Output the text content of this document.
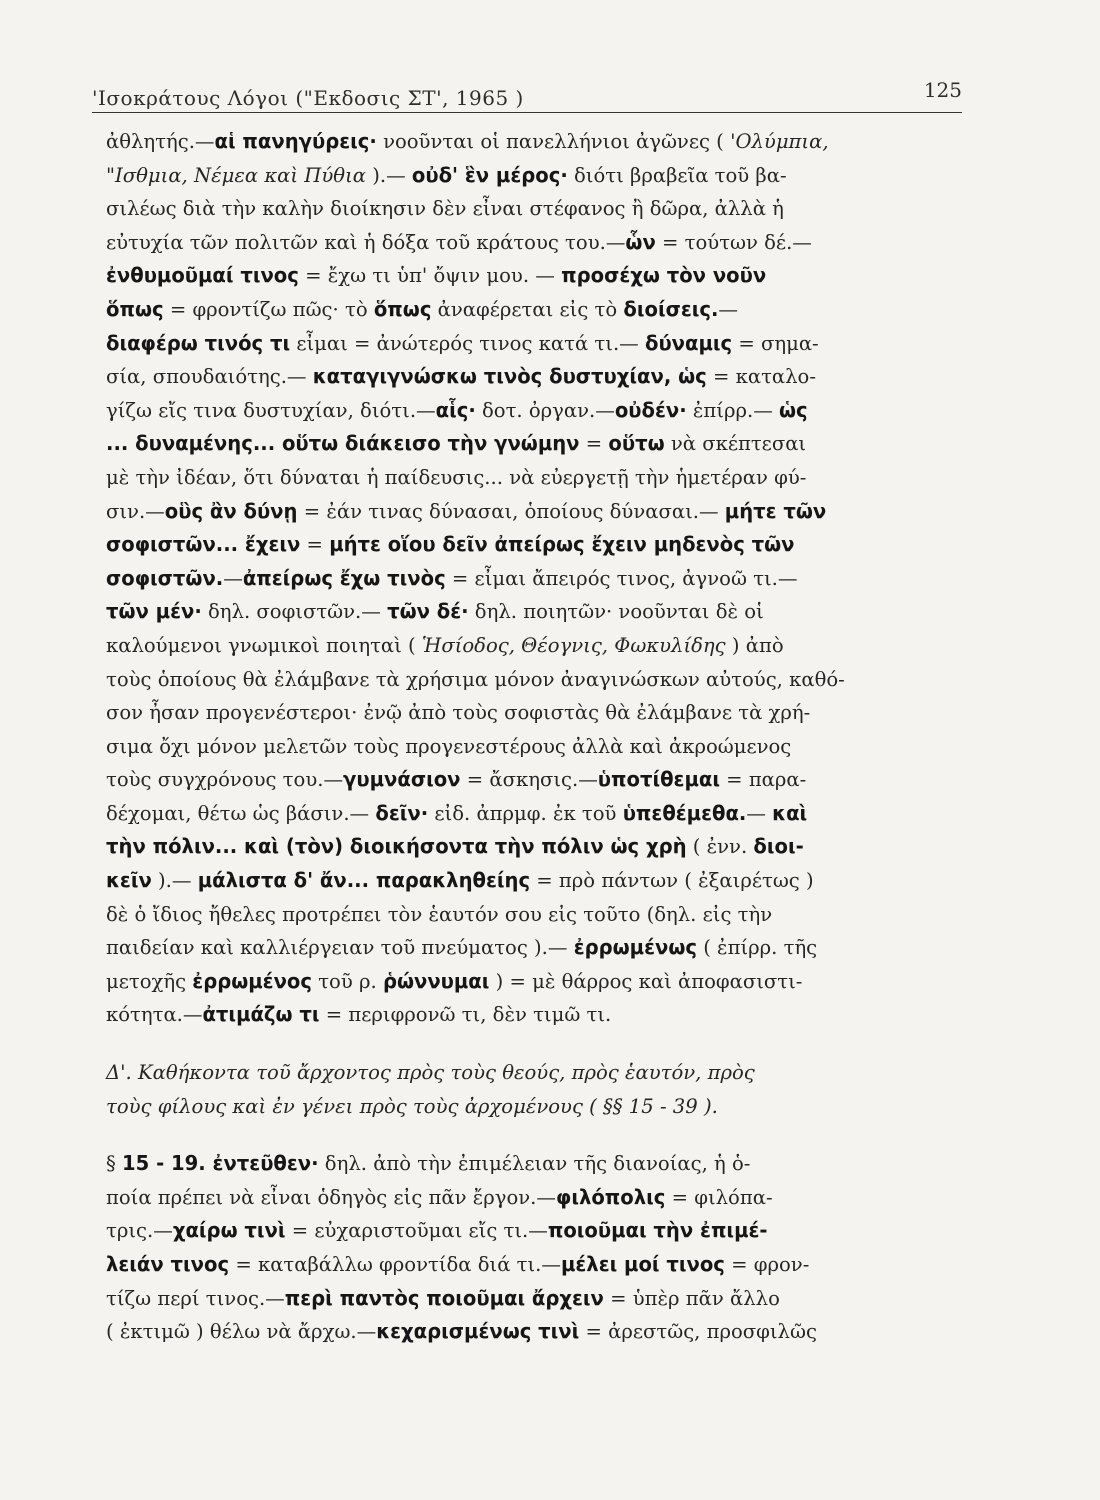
'Ισοκράτους Λόγοι ("Εκδοσις ΣΤ', 1965 )	125
ἀθλητής.—αἱ πανηγύρεις· νοοῦνται οἱ πανελλήνιοι ἀγῶνες ( 'Ολύμπια,
"Ισθμια, Νέμεα καὶ Πύθια ).— οὐδ' ἓν μέρος· διότι βραβεῖα τοῦ βα-
σιλέως διὰ τὴν καλὴν διοίκησιν δὲν εἶναι στέφανος ἢ δῶρα, ἀλλὰ ἡ
εὐτυχία τῶν πολιτῶν καὶ ἡ δόξα τοῦ κράτους του.—ὧν = τούτων δέ.—
ἐνθυμοῦμαί τινος = ἔχω τι ὑπ' ὄψιν μου. — προσέχω τὸν νοῦν
ὅπως = φροντίζω πῶς· τὸ ὅπως ἀναφέρεται εἰς τὸ διοίσεις.—
διαφέρω τινός τι εἶμαι = ἀνώτερός τινος κατά τι.— δύναμις = σημα-
σία, σπουδαιότης.— καταγιγνώσκω τινὸς δυστυχίαν, ὡς = καταλο-
γίζω εἴς τινα δυστυχίαν, διότι.—αἷς· δοτ. ὀργαν.—οὐδέν· ἐπίρρ.— ὡς
... δυναμένης... οὕτω διάκεισο τὴν γνώμην = οὕτω νὰ σκέπτεσαι
μὲ τὴν ἰδέαν, ὅτι δύναται ἡ παίδευσις... νὰ εὐεργετῇ τὴν ἡμετέραν φύ-
σιν.—οὓς ἂν δύνῃ = ἐάν τινας δύνασαι, ὁποίους δύνασαι.— μήτε τῶν
σοφιστῶν... ἔχειν = μήτε οἵου δεῖν ἀπείρως ἔχειν μηδενὸς τῶν
σοφιστῶν.—ἀπείρως ἔχω τινὸς = εἶμαι ἄπειρός τινος, ἀγνοῶ τι.—
τῶν μέν· δηλ. σοφιστῶν.— τῶν δέ· δηλ. ποιητῶν· νοοῦνται δὲ οἱ
καλούμενοι γνωμικοὶ ποιηταὶ ( Ἡσίοδος, Θέογνις, Φωκυλίδης ) ἀπὸ
τοὺς ὁποίους θὰ ἐλάμβανε τὰ χρήσιμα μόνον ἀναγινώσκων αὐτούς, καθό-
σον ἦσαν προγενέστεροι· ἐνῷ ἀπὸ τοὺς σοφιστὰς θὰ ἐλάμβανε τὰ χρή-
σιμα ὄχι μόνον μελετῶν τοὺς προγενεστέρους ἀλλὰ καὶ ἀκροώμενος
τοὺς συγχρόνους του.—γυμνάσιον = ἄσκησις.—ὑποτίθεμαι = παρα-
δέχομαι, θέτω ὡς βάσιν.— δεῖν· εἰδ. ἀπρμφ. ἐκ τοῦ ὑπεθέμεθα.— καὶ
τὴν πόλιν... καὶ (τὸν) διοικήσοντα τὴν πόλιν ὡς χρὴ ( ἐνν. διοι-
κεῖν ).— μάλιστα δ' ἄν... παρακληθείης = πρὸ πάντων ( ἐξαιρέτως )
δὲ ὁ ἴδιος ἤθελες προτρέπει τὸν ἑαυτόν σου εἰς τοῦτο (δηλ. εἰς τὴν
παιδείαν καὶ καλλιέργειαν τοῦ πνεύματος ).— ἐρρωμένως ( ἐπίρρ. τῆς
μετοχῆς ἐρρωμένος τοῦ ρ. ῥώννυμαι ) = μὲ θάρρος καὶ ἀποφασιστι-
κότητα.—ἀτιμάζω τι = περιφρονῶ τι, δὲν τιμῶ τι.
Δ'. Καθήκοντα τοῦ ἄρχοντος πρὸς τοὺς θεούς, πρὸς ἑαυτόν, πρὸς
τοὺς φίλους καὶ ἐν γένει πρὸς τοὺς ἀρχομένους ( §§ 15 - 39 ).
§ 15 - 19. ἐντεῦθεν· δηλ. ἀπὸ τὴν ἐπιμέλειαν τῆς διανοίας, ἡ ὁ-
ποία πρέπει νὰ εἶναι ὁδηγὸς εἰς πᾶν ἔργον.—φιλόπολις = φιλόπα-
τρις.—χαίρω τινὶ = εὐχαριστοῦμαι εἴς τι.—ποιοῦμαι τὴν ἐπιμέ-
λειάν τινος = καταβάλλω φροντίδα διά τι.—μέλει μοί τινος = φρον-
τίζω περί τινος.—περὶ παντὸς ποιοῦμαι ἄρχειν = ὑπὲρ πᾶν ἄλλο
( ἐκτιμῶ ) θέλω νὰ ἄρχω.—κεχαρισμένως τινὶ = ἀρεστῶς, προσφιλῶς
